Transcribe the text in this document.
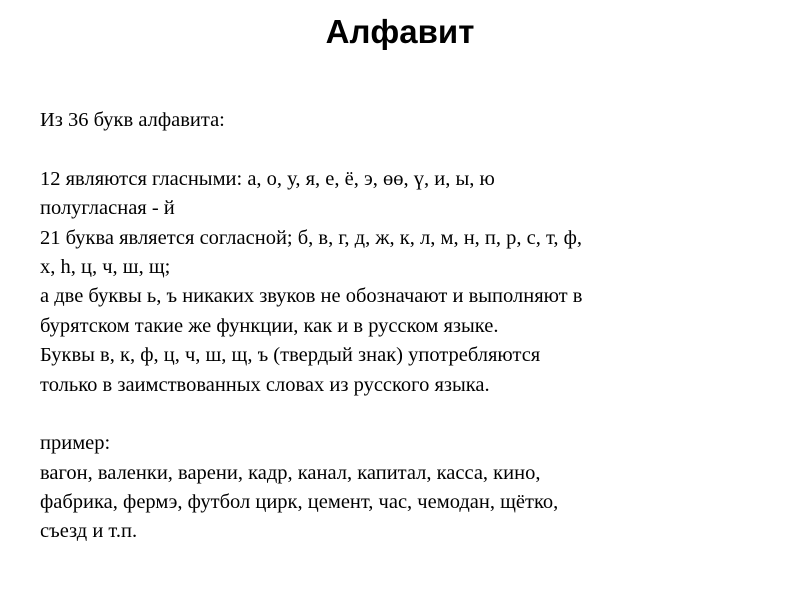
Алфавит
Из 36 букв алфавита:
12 являются гласными: а, о, у, я, е, ё, э, өө, ү, и, ы, ю
полугласная - й
21 буква является согласной; б, в, г, д, ж, к, л, м, н, п, р, с, т, ф,
х, һ, ц, ч, ш, щ;
а две буквы ь, ъ никаких звуков не обозначают и выполняют в
бурятском такие же функции, как и в русском языке.
Буквы в, к, ф, ц, ч, ш, щ, ъ (твердый знак) употребляются
только в заимствованных словах из русского языка.
пример:
вагон, валенки, варени, кадр, канал, капитал, касса, кино,
фабрика, фермэ, футбол цирк, цемент, час, чемодан, щётко,
съезд и т.п.
